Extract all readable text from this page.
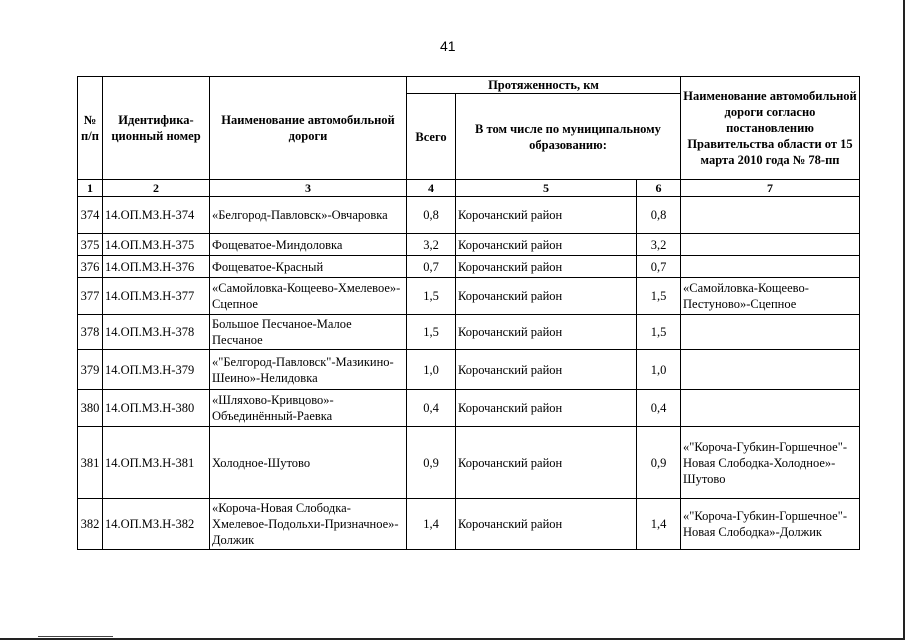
41
№ п/п	Идентифика-ционный номер	Наименование автомобильной дороги	Протяженность, км			Наименование автомобильной дороги согласно постановлению Правительства области от 15 марта 2010 года № 78-пп
			Всего	В том числе по муниципальному образованию:		
1	2	3	4	5	6	7
374	14.ОП.МЗ.Н-374	«Белгород-Павловск»-Овчаровка	0,8	Корочанский район	0,8	
375	14.ОП.МЗ.Н-375	Фощеватое-Миндоловка	3,2	Корочанский район	3,2	
376	14.ОП.МЗ.Н-376	Фощеватое-Красный	0,7	Корочанский район	0,7	
377	14.ОП.МЗ.Н-377	«Самойловка-Кощеево-Хмелевое»-Сцепное	1,5	Корочанский район	1,5	«Самойловка-Кощеево-Пестуново»-Сцепное
378	14.ОП.МЗ.Н-378	Большое Песчаное-Малое Песчаное	1,5	Корочанский район	1,5	
379	14.ОП.МЗ.Н-379	«"Белгород-Павловск"-Мазикино-Шеино»-Нелидовка	1,0	Корочанский район	1,0	
380	14.ОП.МЗ.Н-380	«Шляхово-Кривцово»-Объединённый-Раевка	0,4	Корочанский район	0,4	
381	14.ОП.МЗ.Н-381	Холодное-Шутово	0,9	Корочанский район	0,9	«"Короча-Губкин-Горшечное"-Новая Слободка-Холодное»-Шутово
382	14.ОП.МЗ.Н-382	«Короча-Новая Слободка-Хмелевое-Подольхи-Призначное»-Должик	1,4	Корочанский район	1,4	«"Короча-Губкин-Горшечное"-Новая Слободка»-Должик
